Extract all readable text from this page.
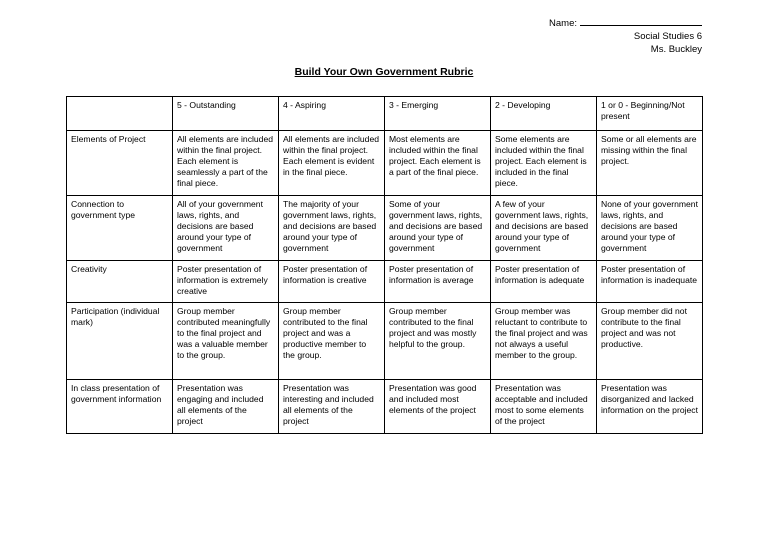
Name:
Social Studies 6
Ms. Buckley
Build Your Own Government Rubric
	5 - Outstanding	4 - Aspiring	3 - Emerging	2 - Developing	1 or 0 - Beginning/Not present
Elements of Project	All elements are included within the final project. Each element is seamlessly a part of the final piece.	All elements are included within the final project. Each element is evident in the final piece.	Most elements are included within the final project. Each element is a part of the final piece.	Some elements are included within the final project. Each element is included in the final piece.	Some or all elements are missing within the final project.
Connection to government type	All of your government laws, rights, and decisions are based around your type of government	The majority of your government laws, rights, and decisions are based around your type of government	Some of your government laws, rights, and decisions are based around your type of government	A few of your government laws, rights, and decisions are based around your type of government	None of your government laws, rights, and decisions are based around your type of government
Creativity	Poster presentation of information is extremely creative	Poster presentation of information is creative	Poster presentation of information is average	Poster presentation of information is adequate	Poster presentation of information is inadequate
Participation (individual mark)	Group member contributed meaningfully to the final project and was a valuable member to the group.	Group member contributed to the final project and was a productive member to the group.	Group member contributed to the final project and was mostly helpful to the group.	Group member was reluctant to contribute to the final project and was not always a useful member to the group.	Group member did not contribute to the final project and was not productive.
In class presentation of government information	Presentation was engaging and included all elements of the project	Presentation was interesting and included all elements of the project	Presentation was good and included most elements of the project	Presentation was acceptable and included most to some elements of the project	Presentation was disorganized and lacked information on the project
